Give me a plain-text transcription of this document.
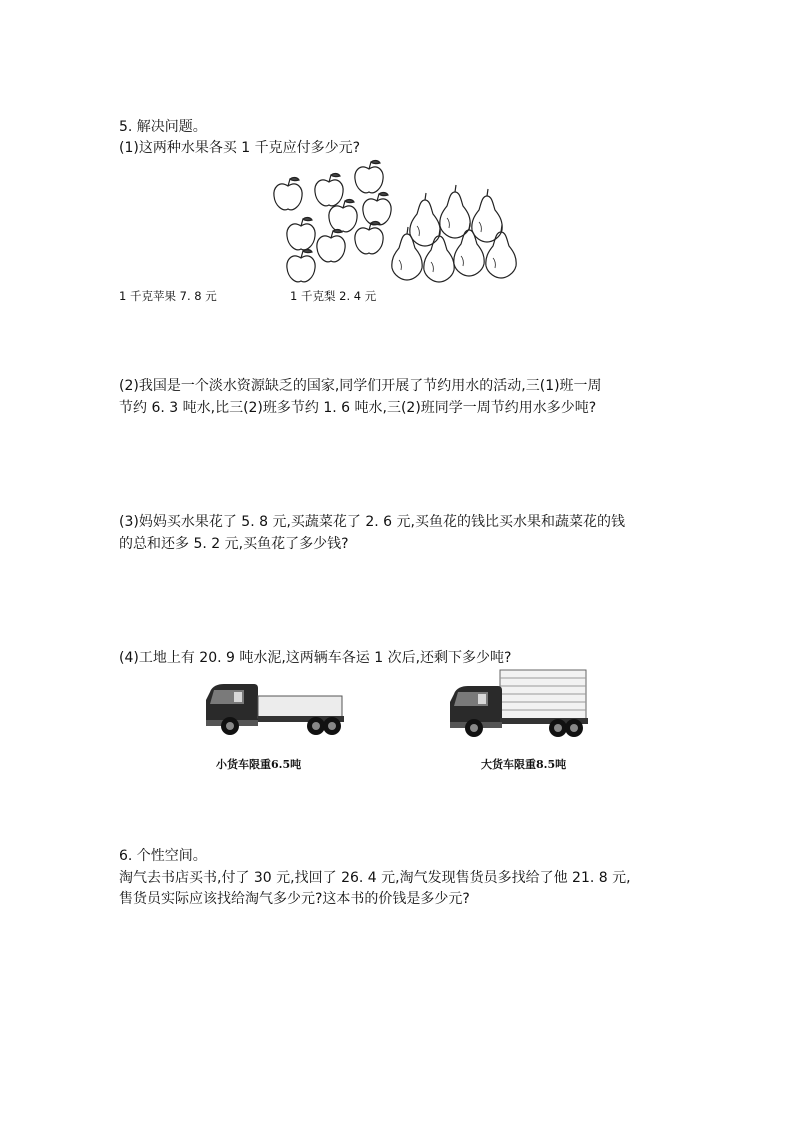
5. 解决问题。
(1)这两种水果各买 1 千克应付多少元?
1 千克苹果 7. 8 元	1 千克梨 2. 4 元
(2)我国是一个淡水资源缺乏的国家,同学们开展了节约用水的活动,三(1)班一周
节约 6. 3 吨水,比三(2)班多节约 1. 6 吨水,三(2)班同学一周节约用水多少吨?
(3)妈妈买水果花了 5. 8 元,买蔬菜花了 2. 6 元,买鱼花的钱比买水果和蔬菜花的钱
的总和还多 5. 2 元,买鱼花了多少钱?
(4)工地上有 20. 9 吨水泥,这两辆车各运 1 次后,还剩下多少吨?
小货车限重6.5吨	大货车限重8.5吨
6. 个性空间。
淘气去书店买书,付了 30 元,找回了 26. 4 元,淘气发现售货员多找给了他 21. 8 元,
售货员实际应该找给淘气多少元?这本书的价钱是多少元?
